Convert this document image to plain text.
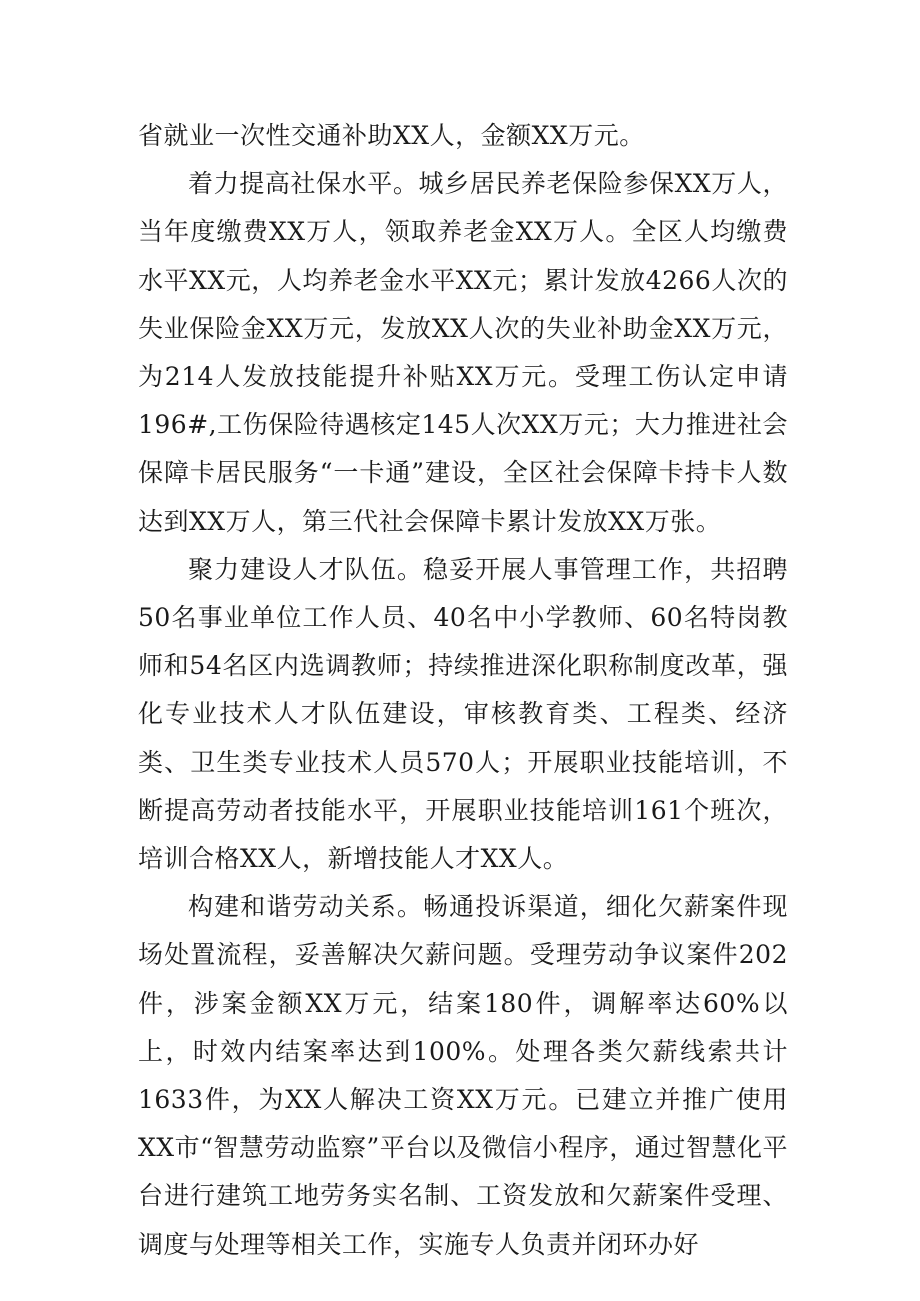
省就业一次性交通补助XX人，金额XX万元。

着力提高社保水平。城乡居民养老保险参保XX万人，当年度缴费XX万人，领取养老金XX万人。全区人均缴费水平XX元，人均养老金水平XX元；累计发放4266人次的失业保险金XX万元，发放XX人次的失业补助金XX万元，为214人发放技能提升补贴XX万元。受理工伤认定申请196#,工伤保险待遇核定145人次XX万元；大力推进社会保障卡居民服务“一卡通”建设，全区社会保障卡持卡人数达到XX万人，第三代社会保障卡累计发放XX万张。

聚力建设人才队伍。稳妥开展人事管理工作，共招聘50名事业单位工作人员、40名中小学教师、60名特岗教师和54名区内选调教师；持续推进深化职称制度改革，强化专业技术人才队伍建设，审核教育类、工程类、经济类、卫生类专业技术人员570人；开展职业技能培训，不断提高劳动者技能水平，开展职业技能培训161个班次，培训合格XX人，新增技能人才XX人。

构建和谐劳动关系。畅通投诉渠道，细化欠薪案件现场处置流程，妥善解决欠薪问题。受理劳动争议案件202件，涉案金额XX万元，结案180件，调解率达60%以上，时效内结案率达到100%。处理各类欠薪线索共计1633件，为XX人解决工资XX万元。已建立并推广使用XX市“智慧劳动监察”平台以及微信小程序，通过智慧化平台进行建筑工地劳务实名制、工资发放和欠薪案件受理、调度与处理等相关工作，实施专人负责并闭环办好
